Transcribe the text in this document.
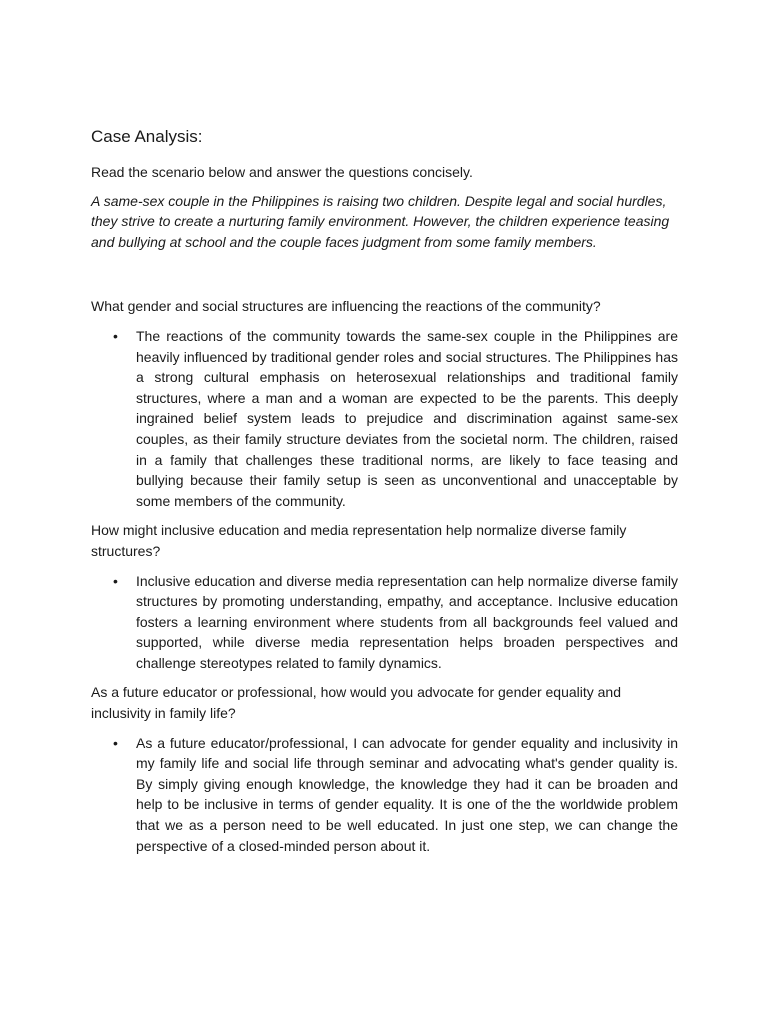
Case Analysis:

Read the scenario below and answer the questions concisely.

A same-sex couple in the Philippines is raising two children. Despite legal and social hurdles, they strive to create a nurturing family environment. However, the children experience teasing and bullying at school and the couple faces judgment from some family members.

What gender and social structures are influencing the reactions of the community?

• The reactions of the community towards the same-sex couple in the Philippines are heavily influenced by traditional gender roles and social structures. The Philippines has a strong cultural emphasis on heterosexual relationships and traditional family structures, where a man and a woman are expected to be the parents. This deeply ingrained belief system leads to prejudice and discrimination against same-sex couples, as their family structure deviates from the societal norm. The children, raised in a family that challenges these traditional norms, are likely to face teasing and bullying because their family setup is seen as unconventional and unacceptable by some members of the community.

How might inclusive education and media representation help normalize diverse family structures?

• Inclusive education and diverse media representation can help normalize diverse family structures by promoting understanding, empathy, and acceptance. Inclusive education fosters a learning environment where students from all backgrounds feel valued and supported, while diverse media representation helps broaden perspectives and challenge stereotypes related to family dynamics.

As a future educator or professional, how would you advocate for gender equality and inclusivity in family life?

• As a future educator/professional, I can advocate for gender equality and inclusivity in my family life and social life through seminar and advocating what's gender quality is. By simply giving enough knowledge, the knowledge they had it can be broaden and help to be inclusive in terms of gender equality. It is one of the the worldwide problem that we as a person need to be well educated. In just one step, we can change the perspective of a closed-minded person about it.
